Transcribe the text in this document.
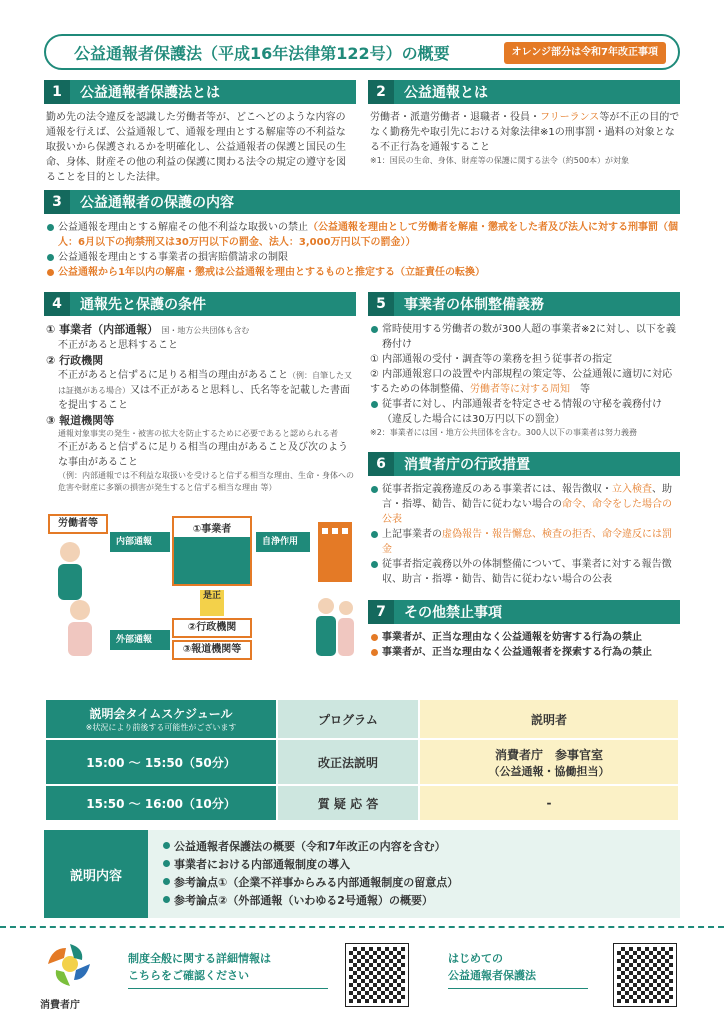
公益通報者保護法（平成16年法律第122号）の概要	オレンジ部分は令和7年改正事項
1	公益通報者保護法とは
勤め先の法令違反を認識した労働者等が、どこへどのような内容の通報を行えば、公益通報して、通報を理由とする解雇等の不利益な取扱いから保護されるかを明確化し、公益通報者の保護と国民の生命、身体、財産その他の利益の保護に関わる法令の規定の遵守を図ることを目的とした法律。
2	公益通報とは
労働者・派遣労働者・退職者・役員・フリーランス等が不正の目的でなく勤務先や取引先における対象法律※1の刑事罰・過料の対象となる不正行為を通報すること
※1：国民の生命、身体、財産等の保護に関する法令（約500本）が対象
3	公益通報者の保護の内容
公益通報を理由とする解雇その他不利益な取扱いの禁止（公益通報を理由として労働者を解雇・懲戒をした者及び法人に対する刑事罰（個人：6月以下の拘禁刑又は30万円以下の罰金、法人：3,000万円以下の罰金））
公益通報を理由とする事業者の損害賠償請求の制限
公益通報から1年以内の解雇・懲戒は公益通報を理由とするものと推定する（立証責任の転換）
4	通報先と保護の条件
① 事業者（内部通報） 国・地方公共団体も含む
不正があると思料すること
② 行政機関
不正があると信ずるに足りる相当の理由があること（例：自筆した又は証拠がある場合）又は不正があると思料し、氏名等を記載した書面を提出すること
③ 報道機関等
通報対象事実の発生・被害の拡大を防止するために必要であると認められる者
不正があると信ずるに足りる相当の理由があること及び次のような事由があること
（例：内部通報では不利益な取扱いを受けると信ずる相当な理由、生命・身体への危害や財産に多額の損害が発生すると信ずる相当な理由 等）
労働者等
内部通報
外部通報
①事業者
②行政機関
③報道機関等
是正
自浄作用
5	事業者の体制整備義務
常時使用する労働者の数が300人超の事業者※2に対し、以下を義務付け
① 内部通報の受付・調査等の業務を担う従事者の指定
② 内部通報窓口の設置や内部規程の策定等、公益通報に適切に対応するための体制整備、労働者等に対する周知　等
従事者に対し、内部通報者を特定させる情報の守秘を義務付け（違反した場合には30万円以下の罰金）
※2：事業者には国・地方公共団体を含む。300人以下の事業者は努力義務
6	消費者庁の行政措置
従事者指定義務違反のある事業者には、報告徴収・立入検査、助言・指導、勧告、勧告に従わない場合の命令、命令をした場合の公表
上記事業者の虚偽報告・報告懈怠、検査の拒否、命令違反には罰金
従事者指定義務以外の体制整備について、事業者に対する報告徴収、助言・指導・勧告、勧告に従わない場合の公表
7	その他禁止事項
事業者が、正当な理由なく公益通報を妨害する行為の禁止
事業者が、正当な理由なく公益通報者を探索する行為の禁止
説明会タイムスケジュール
※状況により前後する可能性がございます	プログラム	説明者
15:00 ～ 15:50（50分）	改正法説明	消費者庁　参事官室
（公益通報・協働担当）

15:50 ～ 16:00（10分）	質 疑 応 答	-
説明内容
公益通報者保護法の概要（令和7年改正の内容を含む）
事業者における内部通報制度の導入
参考論点①（企業不祥事からみる内部通報制度の留意点）
参考論点②（外部通報（いわゆる2号通報）の概要）
消費者庁
制度全般に関する詳細情報は
こちらをご確認ください
はじめての
公益通報者保護法
